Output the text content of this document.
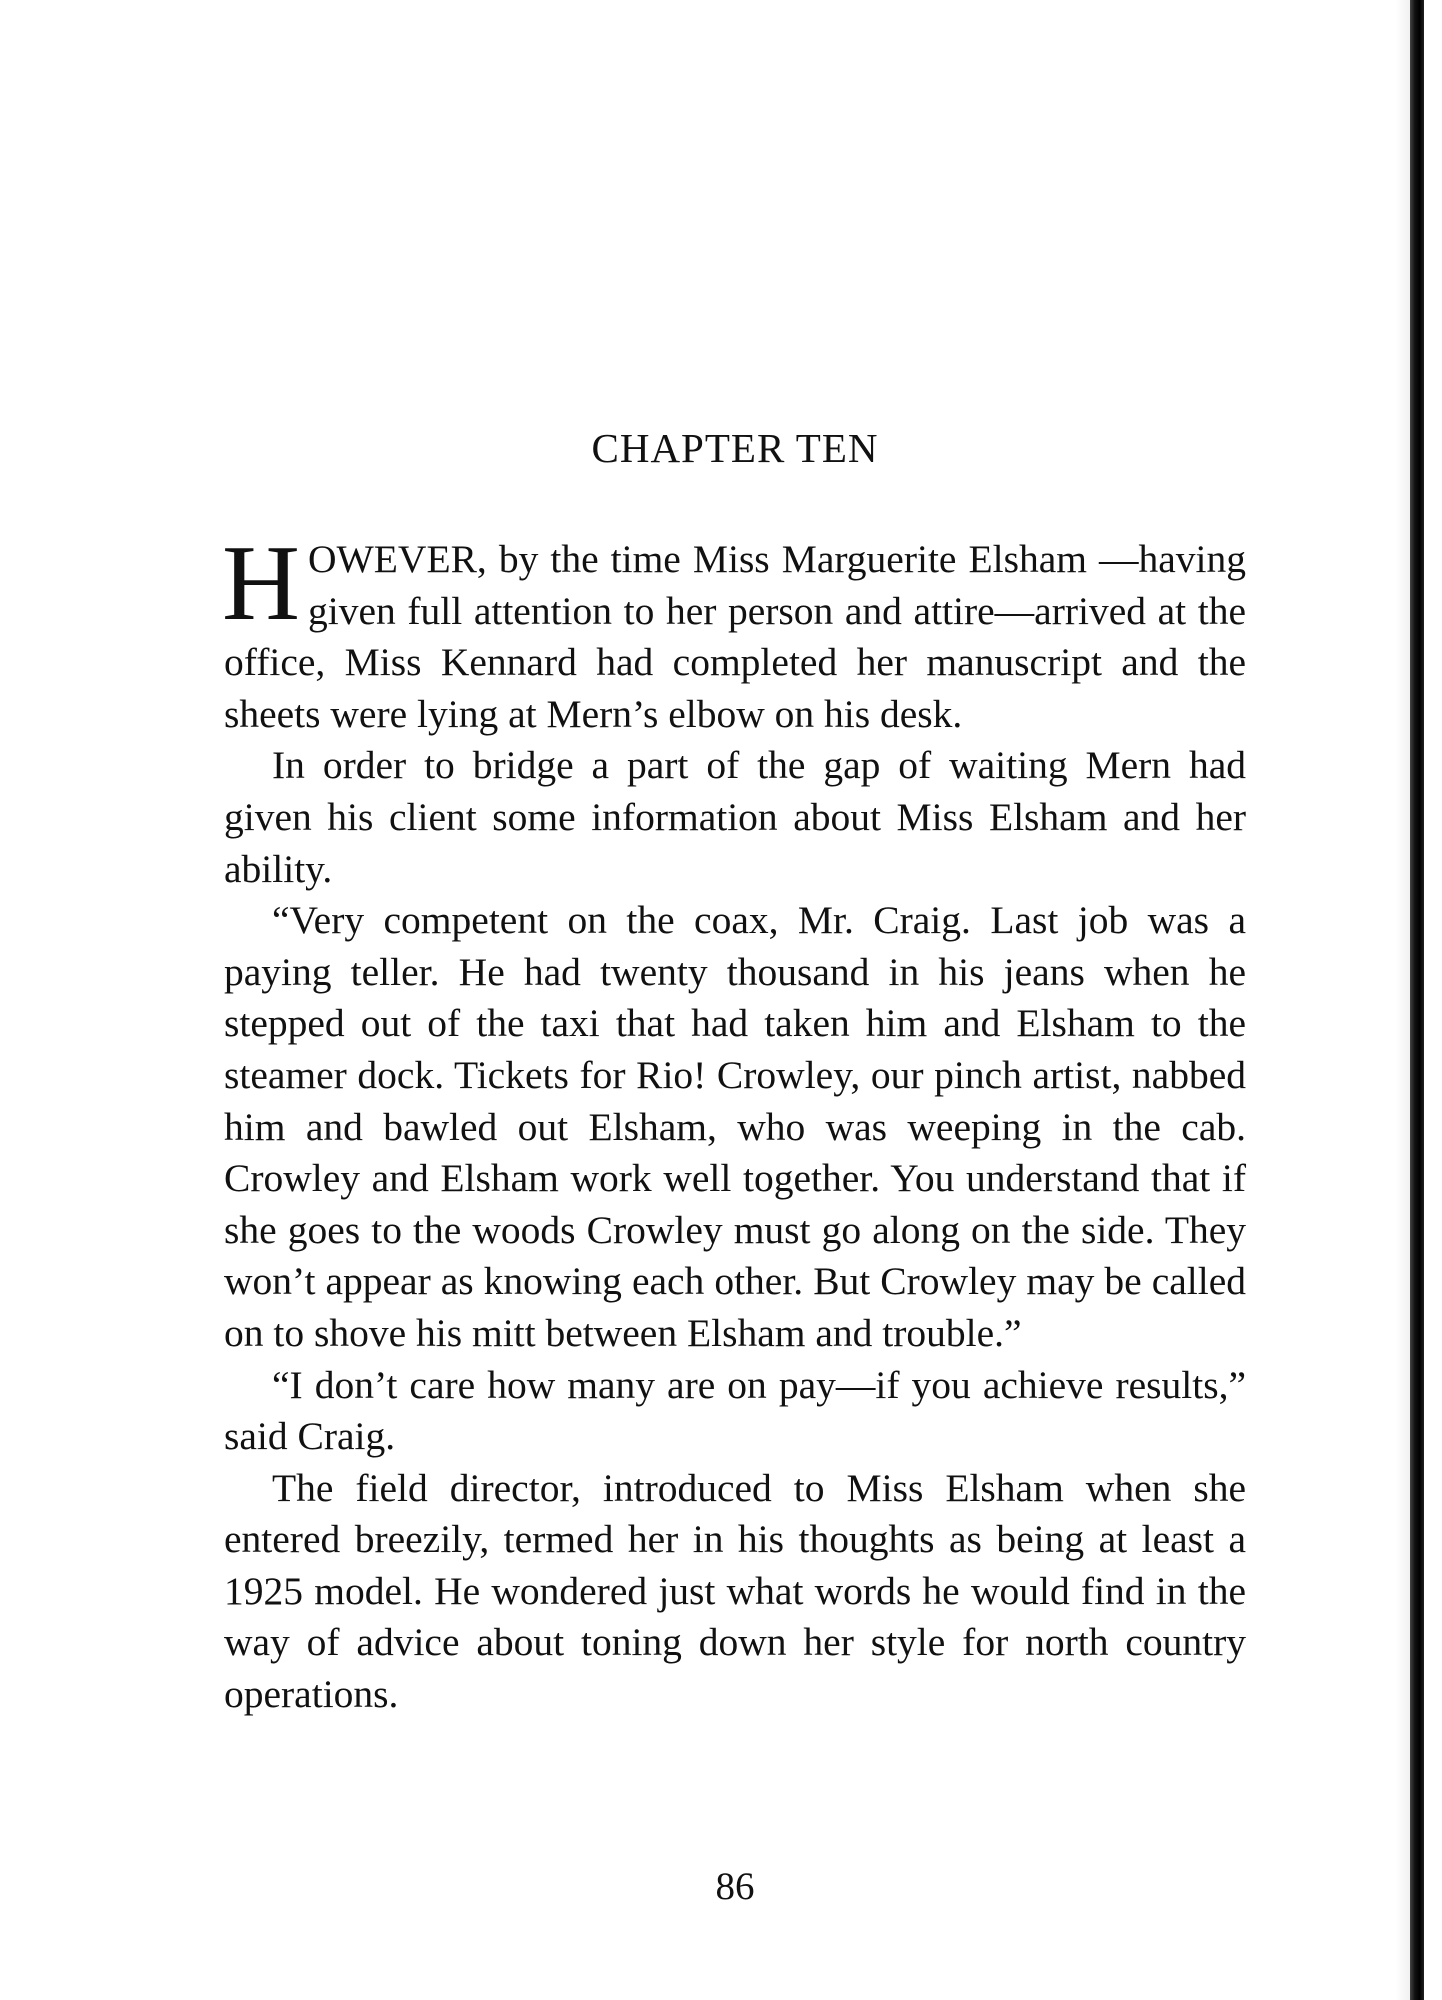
CHAPTER TEN

HOWEVER, by the time Miss Marguerite Elsham —having given full attention to her person and attire—arrived at the office, Miss Kennard had completed her manuscript and the sheets were lying at Mern’s elbow on his desk.

In order to bridge a part of the gap of waiting Mern had given his client some information about Miss Elsham and her ability.

“Very competent on the coax, Mr. Craig. Last job was a paying teller. He had twenty thousand in his jeans when he stepped out of the taxi that had taken him and Elsham to the steamer dock. Tickets for Rio! Crowley, our pinch artist, nabbed him and bawled out Elsham, who was weeping in the cab. Crowley and Elsham work well together. You understand that if she goes to the woods Crowley must go along on the side. They won’t appear as knowing each other. But Crowley may be called on to shove his mitt between Elsham and trouble.”

“I don’t care how many are on pay—if you achieve results,” said Craig.

The field director, introduced to Miss Elsham when she entered breezily, termed her in his thoughts as being at least a 1925 model. He wondered just what words he would find in the way of advice about toning down her style for north country operations.

86
